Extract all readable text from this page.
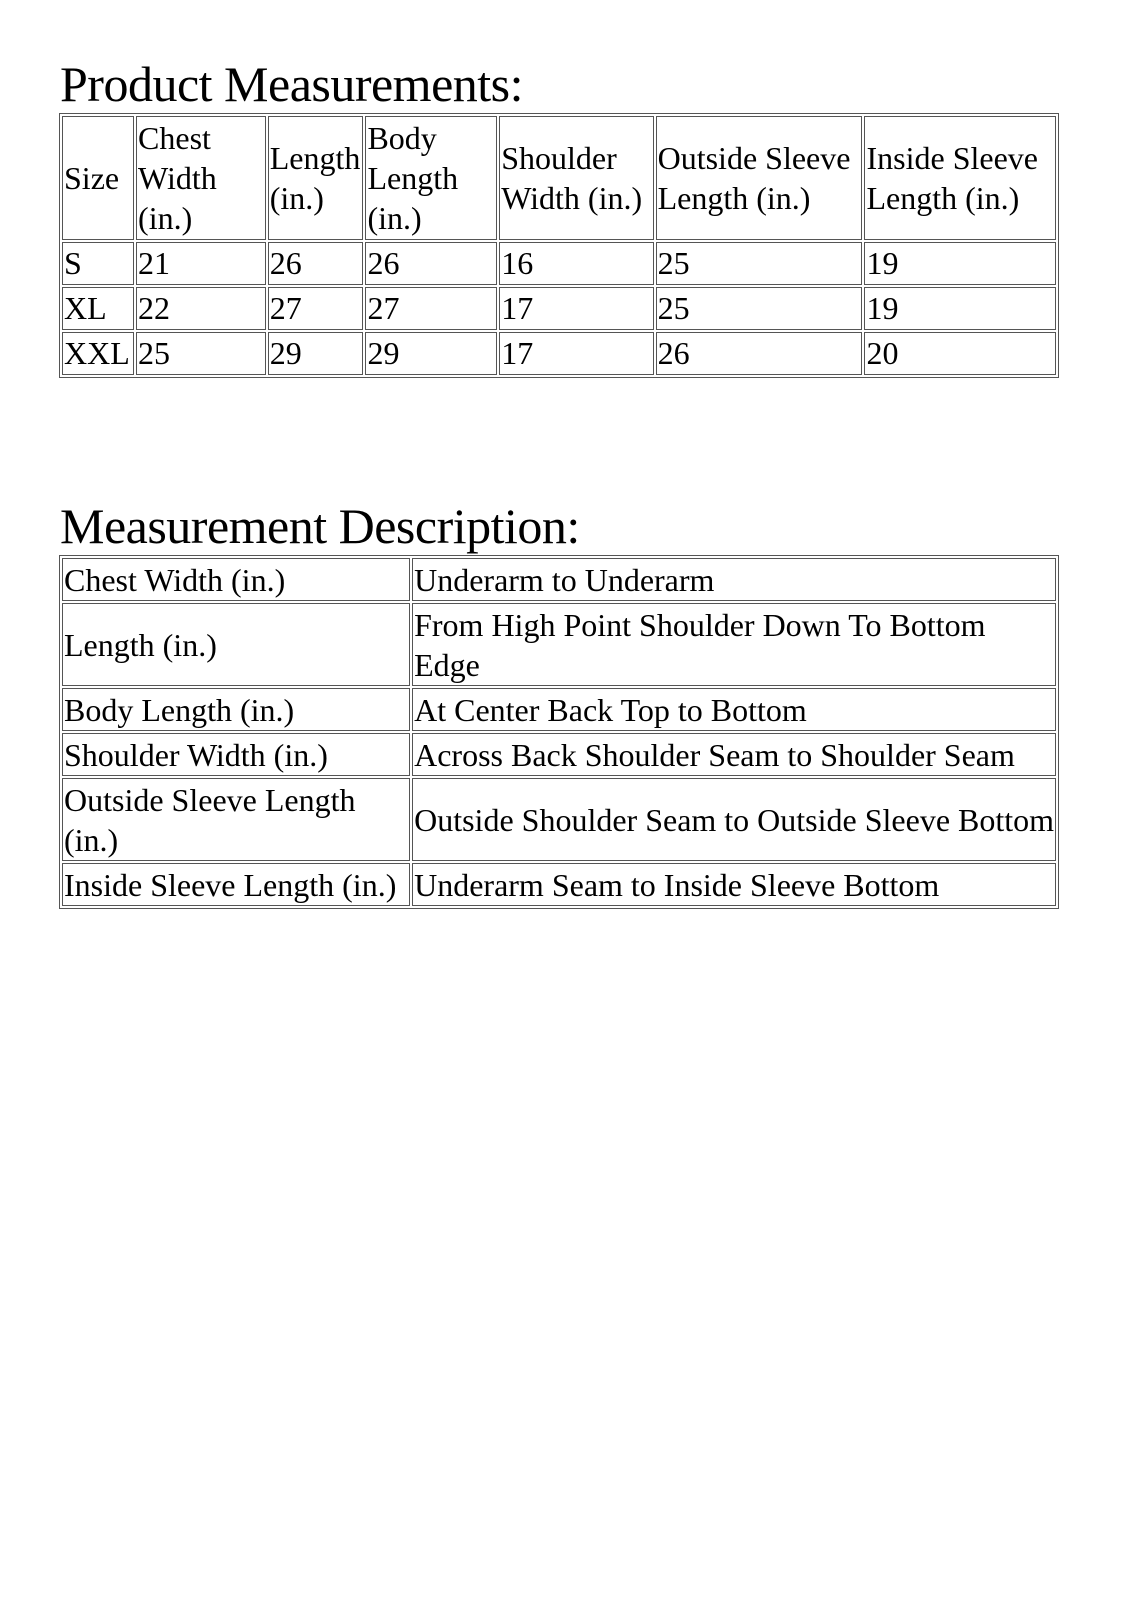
Product Measurements:
Size	Chest Width (in.)	Length (in.)	Body Length (in.)	Shoulder Width (in.)	Outside Sleeve Length (in.)	Inside Sleeve Length (in.)
S	21	26	26	16	25	19
XL	22	27	27	17	25	19
XXL	25	29	29	17	26	20
Measurement Description:
Chest Width (in.)	Underarm to Underarm
Length (in.)	From High Point Shoulder Down To Bottom Edge
Body Length (in.)	At Center Back Top to Bottom
Shoulder Width (in.)	Across Back Shoulder Seam to Shoulder Seam
Outside Sleeve Length (in.)	Outside Shoulder Seam to Outside Sleeve Bottom
Inside Sleeve Length (in.)	Underarm Seam to Inside Sleeve Bottom
